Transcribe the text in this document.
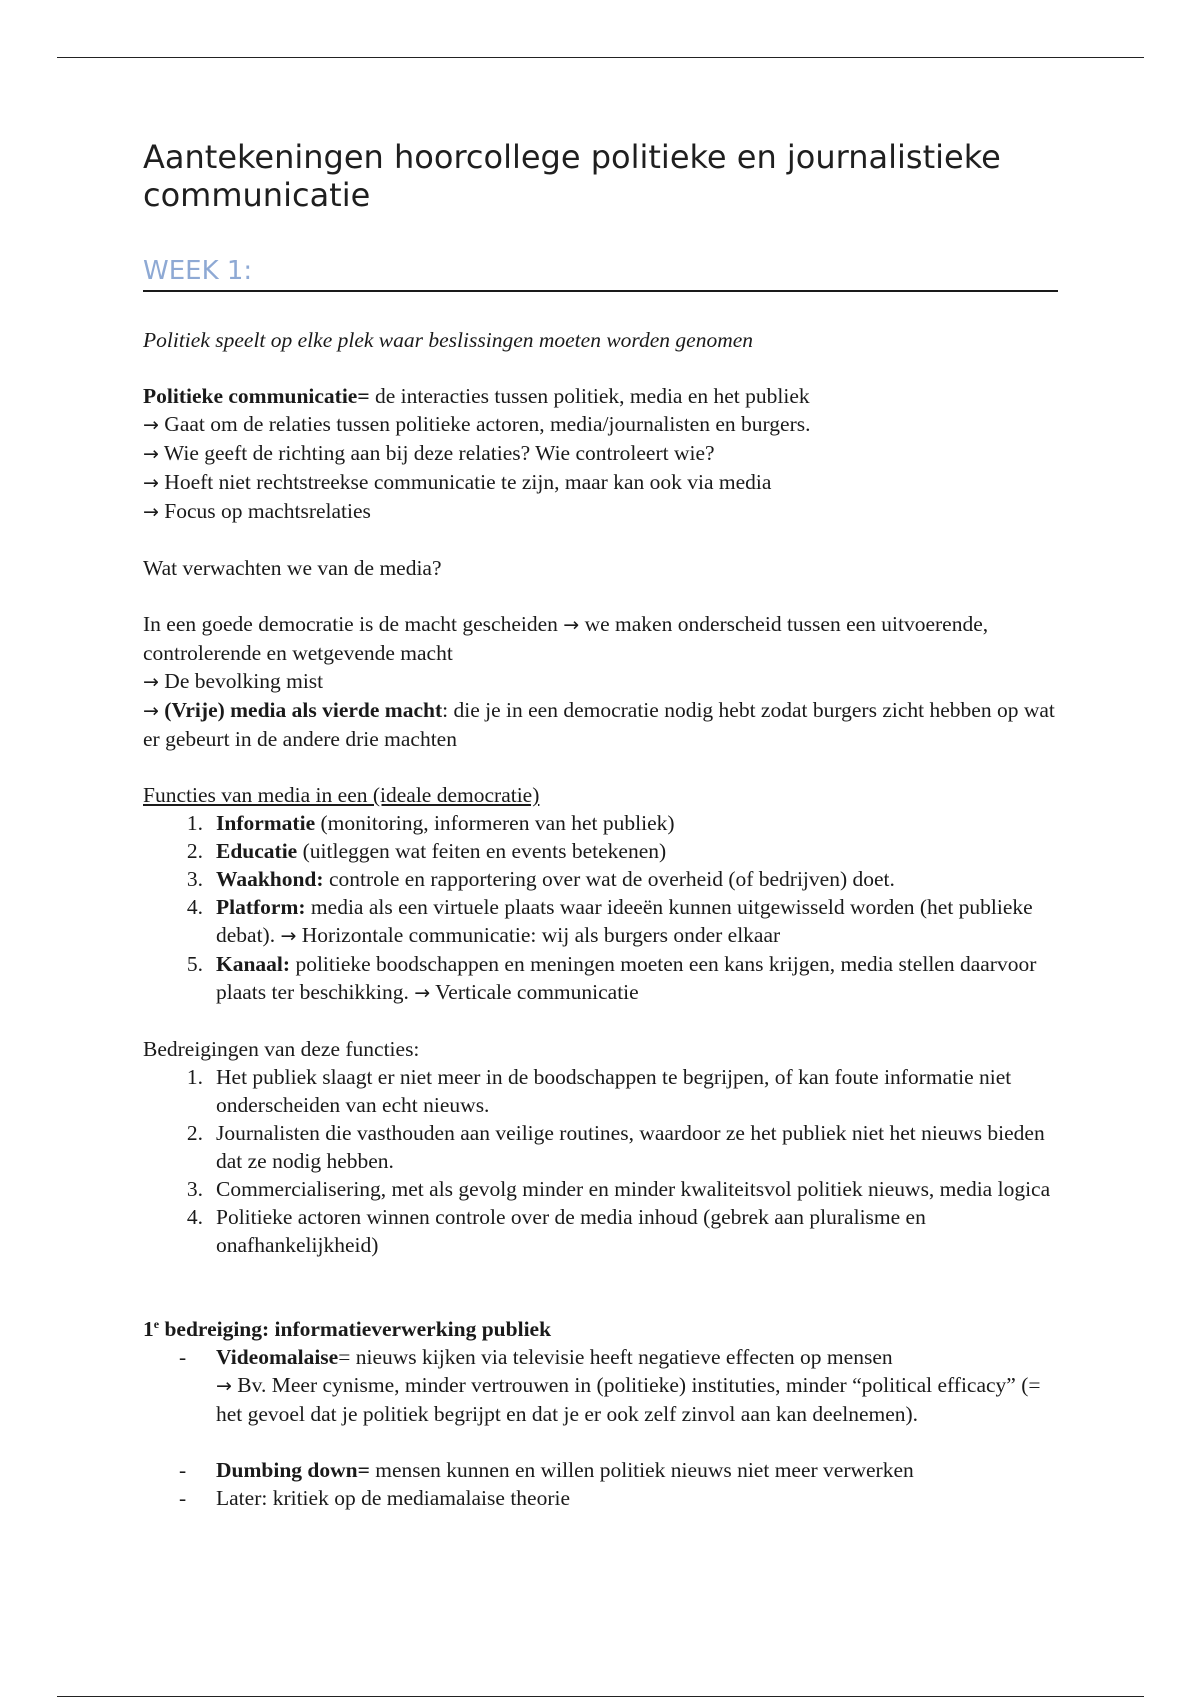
Aantekeningen hoorcollege politieke en journalistieke communicatie
WEEK 1:

Politiek speelt op elke plek waar beslissingen moeten worden genomen

Politieke communicatie= de interacties tussen politiek, media en het publiek

→ Gaat om de relaties tussen politieke actoren, media/journalisten en burgers.

→ Wie geeft de richting aan bij deze relaties? Wie controleert wie?

→ Hoeft niet rechtstreekse communicatie te zijn, maar kan ook via media

→ Focus op machtsrelaties

Wat verwachten we van de media?

In een goede democratie is de macht gescheiden → we maken onderscheid tussen een uitvoerende, controlerende en wetgevende macht

→ De bevolking mist

→ (Vrije) media als vierde macht: die je in een democratie nodig hebt zodat burgers zicht hebben op wat er gebeurt in de andere drie machten

Functies van media in een (ideale democratie)

1. Informatie (monitoring, informeren van het publiek)
2. Educatie (uitleggen wat feiten en events betekenen)
3. Waakhond: controle en rapportering over wat de overheid (of bedrijven) doet.
4. Platform: media als een virtuele plaats waar ideeën kunnen uitgewisseld worden (het publieke debat). → Horizontale communicatie: wij als burgers onder elkaar
5. Kanaal: politieke boodschappen en meningen moeten een kans krijgen, media stellen daarvoor plaats ter beschikking. → Verticale communicatie

Bedreigingen van deze functies:

1. Het publiek slaagt er niet meer in de boodschappen te begrijpen, of kan foute informatie niet onderscheiden van echt nieuws.
2. Journalisten die vasthouden aan veilige routines, waardoor ze het publiek niet het nieuws bieden dat ze nodig hebben.
3. Commercialisering, met als gevolg minder en minder kwaliteitsvol politiek nieuws, media logica
4. Politieke actoren winnen controle over de media inhoud (gebrek aan pluralisme en onafhankelijkheid)

1e bedreiging: informatieverwerking publiek

- Videomalaise= nieuws kijken via televisie heeft negatieve effecten op mensen
→ Bv. Meer cynisme, minder vertrouwen in (politieke) instituties, minder “political efficacy” (= het gevoel dat je politiek begrijpt en dat je er ook zelf zinvol aan kan deelnemen).
- Dumbing down= mensen kunnen en willen politiek nieuws niet meer verwerken
- Later: kritiek op de mediamalaise theorie
